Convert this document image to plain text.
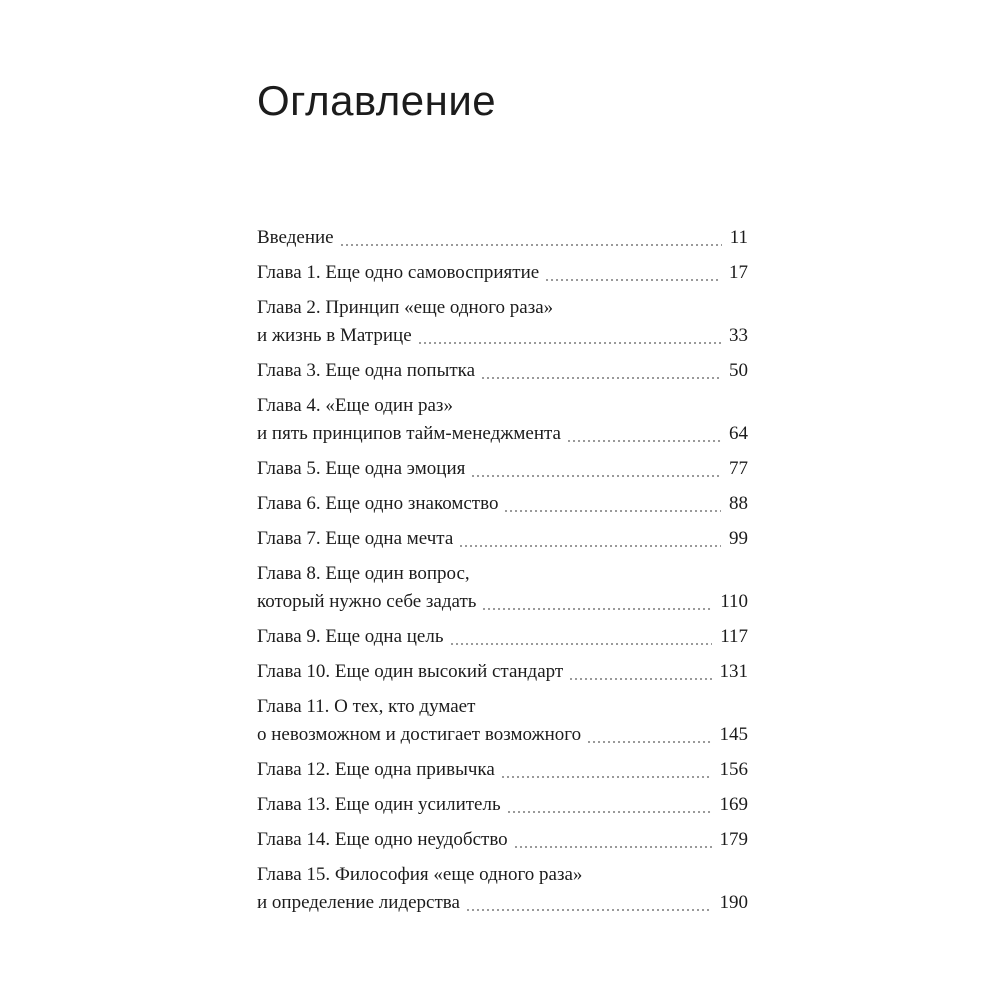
Оглавление
Введение	11
Глава 1. Еще одно самовосприятие	17
Глава 2. Принцип «еще одного раза»
и жизнь в Матрице	33
Глава 3. Еще одна попытка	50
Глава 4. «Еще один раз»
и пять принципов тайм-менеджмента	64
Глава 5. Еще одна эмоция	77
Глава 6. Еще одно знакомство	88
Глава 7. Еще одна мечта	99
Глава 8. Еще один вопрос,
который нужно себе задать	110
Глава 9. Еще одна цель	117
Глава 10. Еще один высокий стандарт	131
Глава 11. О тех, кто думает
о невозможном и достигает возможного	145
Глава 12. Еще одна привычка	156
Глава 13. Еще один усилитель	169
Глава 14. Еще одно неудобство	179
Глава 15. Философия «еще одного раза»
и определение лидерства	190
